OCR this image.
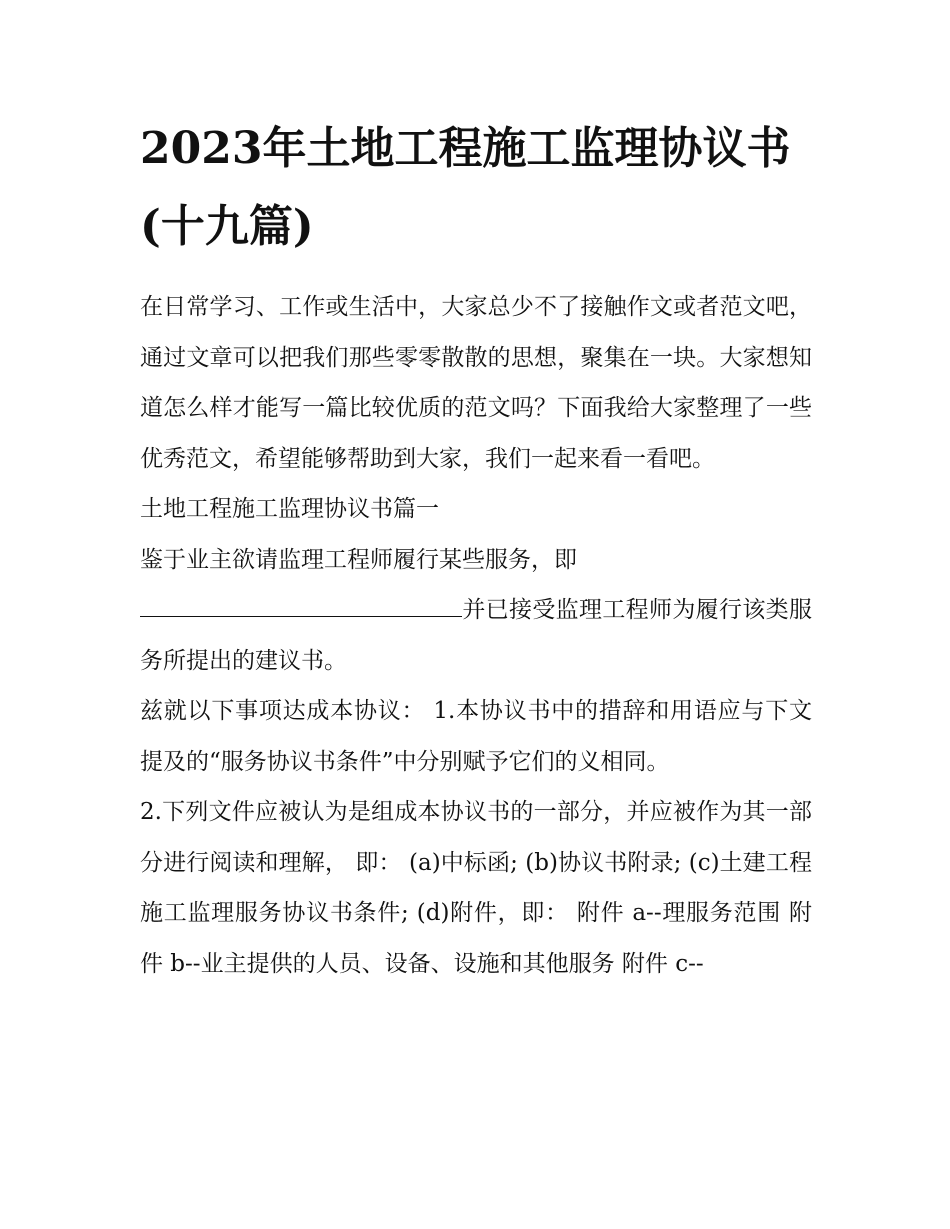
2023年土地工程施工监理协议书(十九篇)

在日常学习、工作或生活中，大家总少不了接触作文或者范文吧，通过文章可以把我们那些零零散散的思想，聚集在一块。大家想知道怎么样才能写一篇比较优质的范文吗？下面我给大家整理了一些优秀范文，希望能够帮助到大家，我们一起来看一看吧。

土地工程施工监理协议书篇一

鉴于业主欲请监理工程师履行某些服务，即

并已接受监理工程师为履行该类服务所提出的建议书。

兹就以下事项达成本协议： 1.本协议书中的措辞和用语应与下文提及的“服务协议书条件”中分别赋予它们的义相同。

2.下列文件应被认为是组成本协议书的一部分，并应被作为其一部分进行阅读和理解， 即： (a)中标函; (b)协议书附录; (c)土建工程施工监理服务协议书条件; (d)附件，即： 附件 a--理服务范围 附件 b--业主提供的人员、设备、设施和其他服务 附件 c--
